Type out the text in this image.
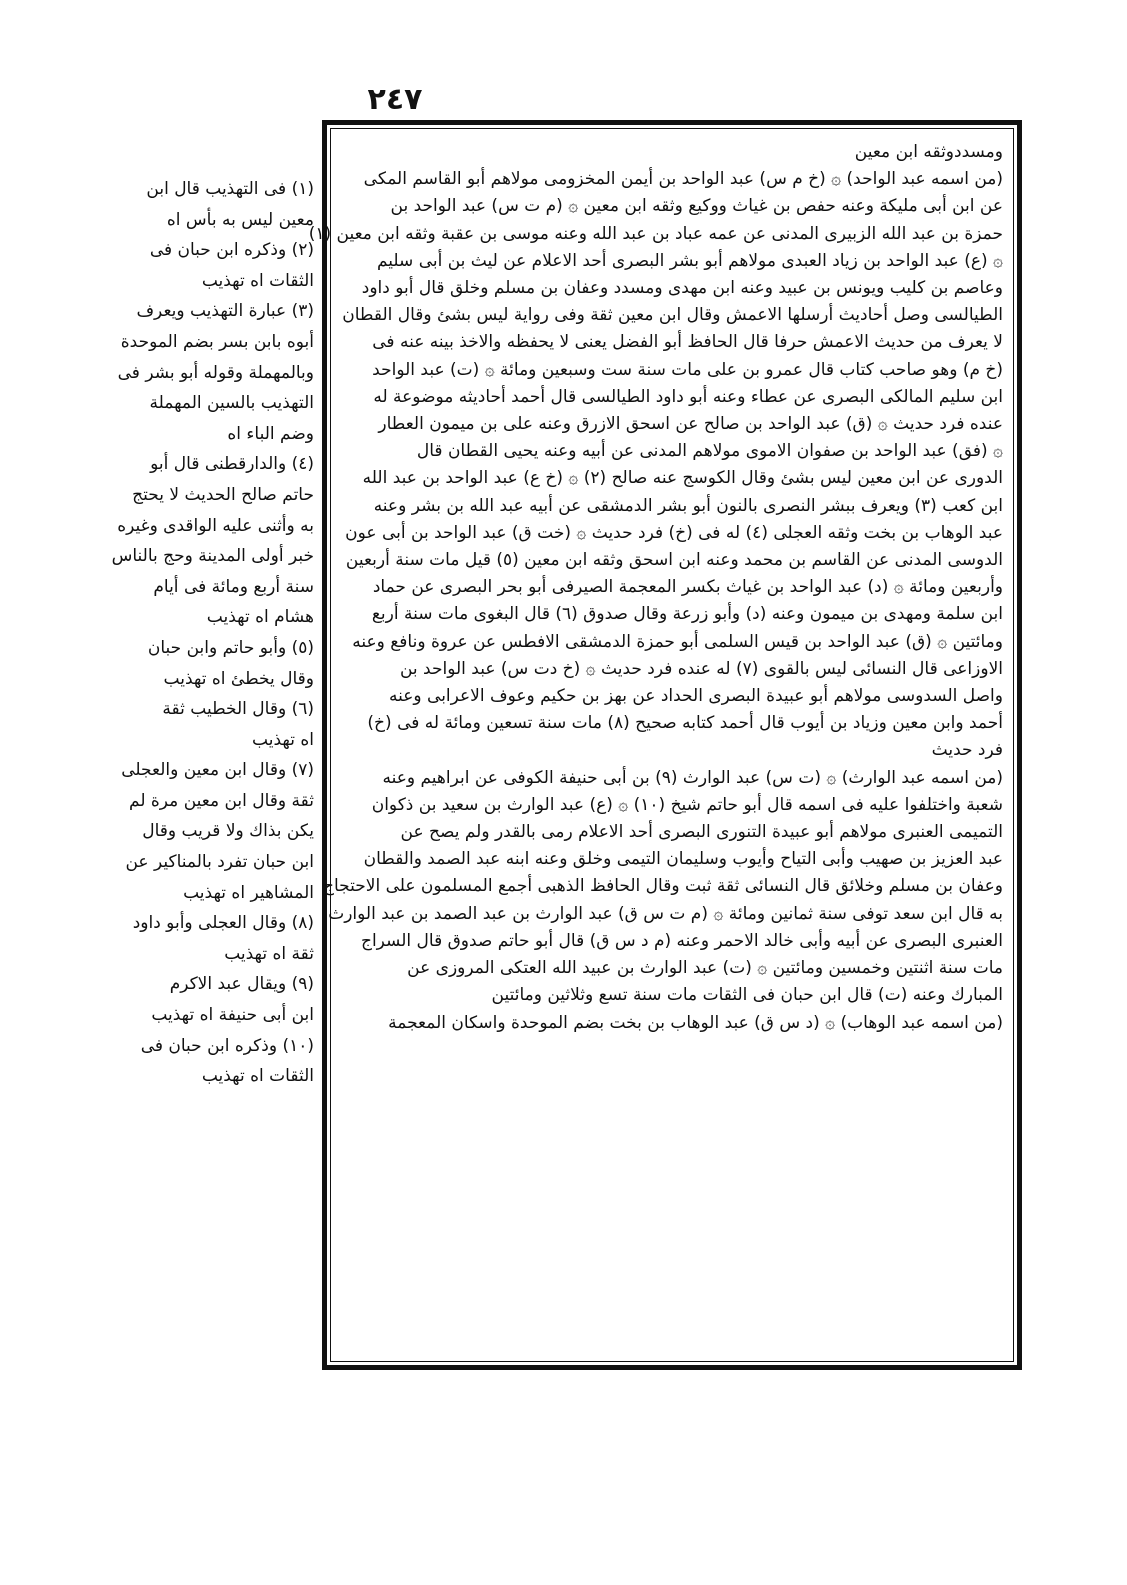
٢٤٧
ومسددوثقه ابن معين
(من اسمه عبد الواحد) ۞ (خ م س) عبد الواحد بن أيمن المخزومى مولاهم أبو القاسم المكى
عن ابن أبى مليكة وعنه حفص بن غياث ووكيع وثقه ابن معين ۞ (م ت س) عبد الواحد بن
حمزة بن عبد الله الزبيرى المدنى عن عمه عباد بن عبد الله وعنه موسى بن عقبة وثقه ابن معين (١)
۞ (ع) عبد الواحد بن زياد العبدى مولاهم أبو بشر البصرى أحد الاعلام عن ليث بن أبى سليم
وعاصم بن كليب ويونس بن عبيد وعنه ابن مهدى ومسدد وعفان بن مسلم وخلق قال أبو داود
الطيالسى وصل أحاديث أرسلها الاعمش وقال ابن معين ثقة وفى رواية ليس بشئ وقال القطان
لا يعرف من حديث الاعمش حرفا قال الحافظ أبو الفضل يعنى لا يحفظه والاخذ بينه عنه فى
(خ م) وهو صاحب كتاب قال عمرو بن على مات سنة ست وسبعين ومائة ۞ (ت) عبد الواحد
ابن سليم المالكى البصرى عن عطاء وعنه أبو داود الطيالسى قال أحمد أحاديثه موضوعة له
عنده فرد حديث ۞ (ق) عبد الواحد بن صالح عن اسحق الازرق وعنه على بن ميمون العطار
۞ (فق) عبد الواحد بن صفوان الاموى مولاهم المدنى عن أبيه وعنه يحيى القطان قال
الدورى عن ابن معين ليس بشئ وقال الكوسج عنه صالح (٢) ۞ (خ ع) عبد الواحد بن عبد الله
ابن كعب (٣) ويعرف ببشر النصرى بالنون أبو بشر الدمشقى عن أبيه عبد الله بن بشر وعنه
عبد الوهاب بن بخت وثقه العجلى (٤) له فى (خ) فرد حديث ۞ (خت ق) عبد الواحد بن أبى عون
الدوسى المدنى عن القاسم بن محمد وعنه ابن اسحق وثقه ابن معين (٥) قيل مات سنة أربعين
وأربعين ومائة ۞ (د) عبد الواحد بن غياث بكسر المعجمة الصيرفى أبو بحر البصرى عن حماد
ابن سلمة ومهدى بن ميمون وعنه (د) وأبو زرعة وقال صدوق (٦) قال البغوى مات سنة أربع
ومائتين ۞ (ق) عبد الواحد بن قيس السلمى أبو حمزة الدمشقى الافطس عن عروة ونافع وعنه
الاوزاعى قال النسائى ليس بالقوى (٧) له عنده فرد حديث ۞ (خ دت س) عبد الواحد بن
واصل السدوسى مولاهم أبو عبيدة البصرى الحداد عن بهز بن حكيم وعوف الاعرابى وعنه
أحمد وابن معين وزياد بن أيوب قال أحمد كتابه صحيح (٨) مات سنة تسعين ومائة له فى (خ)
فرد حديث
(من اسمه عبد الوارث) ۞ (ت س) عبد الوارث (٩) بن أبى حنيفة الكوفى عن ابراهيم وعنه
شعبة واختلفوا عليه فى اسمه قال أبو حاتم شيخ (١٠) ۞ (ع) عبد الوارث بن سعيد بن ذكوان
التميمى العنبرى مولاهم أبو عبيدة التنورى البصرى أحد الاعلام رمى بالقدر ولم يصح عن
عبد العزيز بن صهيب وأبى التياح وأيوب وسليمان التيمى وخلق وعنه ابنه عبد الصمد والقطان
وعفان بن مسلم وخلائق قال النسائى ثقة ثبت وقال الحافظ الذهبى أجمع المسلمون على الاحتجاج
به قال ابن سعد توفى سنة ثمانين ومائة ۞ (م ت س ق) عبد الوارث بن عبد الصمد بن عبد الوارث
العنبرى البصرى عن أبيه وأبى خالد الاحمر وعنه (م د س ق) قال أبو حاتم صدوق قال السراج
مات سنة اثنتين وخمسين ومائتين ۞ (ت) عبد الوارث بن عبيد الله العتكى المروزى عن
المبارك وعنه (ت) قال ابن حبان فى الثقات مات سنة تسع وثلاثين ومائتين
(من اسمه عبد الوهاب) ۞ (د س ق) عبد الوهاب بن بخت بضم الموحدة واسكان المعجمة
(١) فى التهذيب قال ابن
معين ليس به بأس اه
(٢) وذكره ابن حبان فى
الثقات اه تهذيب
(٣) عبارة التهذيب ويعرف
أبوه بابن بسر بضم الموحدة
وبالمهملة وقوله أبو بشر فى
التهذيب بالسين المهملة
وضم الباء اه
(٤) والدارقطنى قال أبو
حاتم صالح الحديث لا يحتج
به وأثنى عليه الواقدى وغيره
خبر أولى المدينة وحج بالناس
سنة أربع ومائة فى أيام
هشام اه تهذيب
(٥) وأبو حاتم وابن حبان
وقال يخطئ اه تهذيب
(٦) وقال الخطيب ثقة
اه تهذيب
(٧) وقال ابن معين والعجلى
ثقة وقال ابن معين مرة لم
يكن بذاك ولا قريب وقال
ابن حبان تفرد بالمناكير عن
المشاهير اه تهذيب
(٨) وقال العجلى وأبو داود
ثقة اه تهذيب
(٩) ويقال عبد الاكرم
ابن أبى حنيفة اه تهذيب
(١٠) وذكره ابن حبان فى
الثقات اه تهذيب
